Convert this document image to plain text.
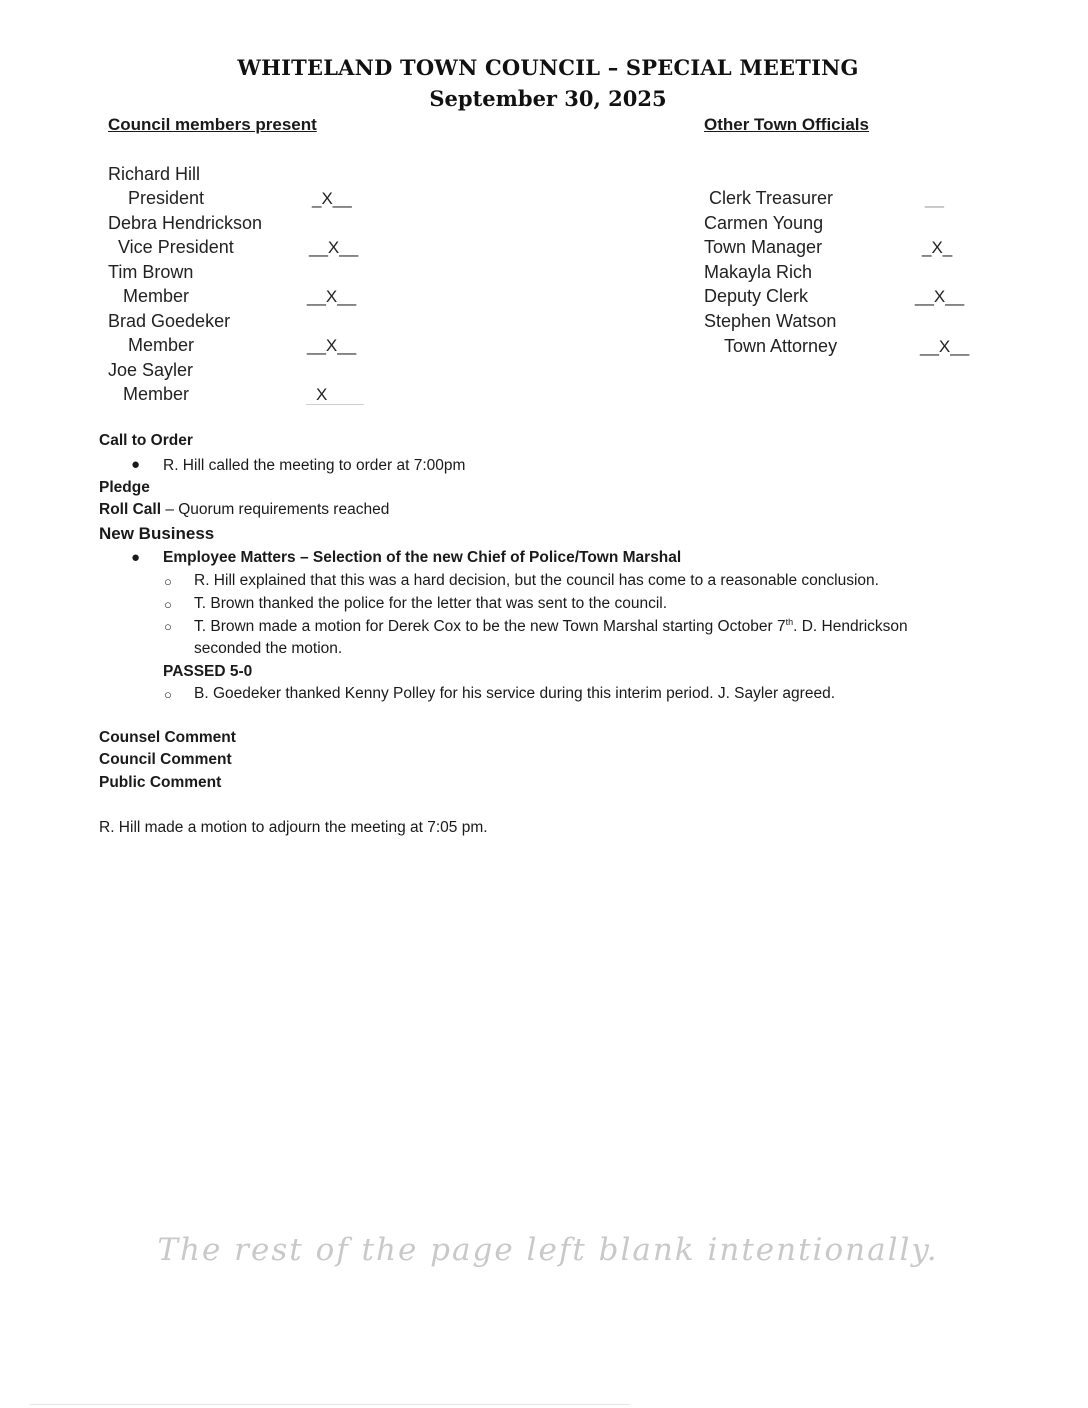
WHITELAND TOWN COUNCIL – SPECIAL MEETING
September 30, 2025
Council members present	Other Town Officials
Richard Hill
President	_X__
Debra Hendrickson
Vice President	__X__
Tim Brown
Member	__X__
Brad Goedeker
Member	__X__
Joe Sayler
Member	X
Clerk Treasurer	__
Carmen Young
Town Manager	_X_
Makayla Rich
Deputy Clerk	__X__
Stephen Watson
Town Attorney	__X__
Call to Order
● R. Hill called the meeting to order at 7:00pm
Pledge
Roll Call – Quorum requirements reached
New Business
● Employee Matters – Selection of the new Chief of Police/Town Marshal
○ R. Hill explained that this was a hard decision, but the council has come to a reasonable conclusion.
○ T. Brown thanked the police for the letter that was sent to the council.
○ T. Brown made a motion for Derek Cox to be the new Town Marshal starting October 7th. D. Hendrickson
seconded the motion.
PASSED 5-0
○ B. Goedeker thanked Kenny Polley for his service during this interim period. J. Sayler agreed.
Counsel Comment
Council Comment
Public Comment
R. Hill made a motion to adjourn the meeting at 7:05 pm.
The rest of the page left blank intentionally.
